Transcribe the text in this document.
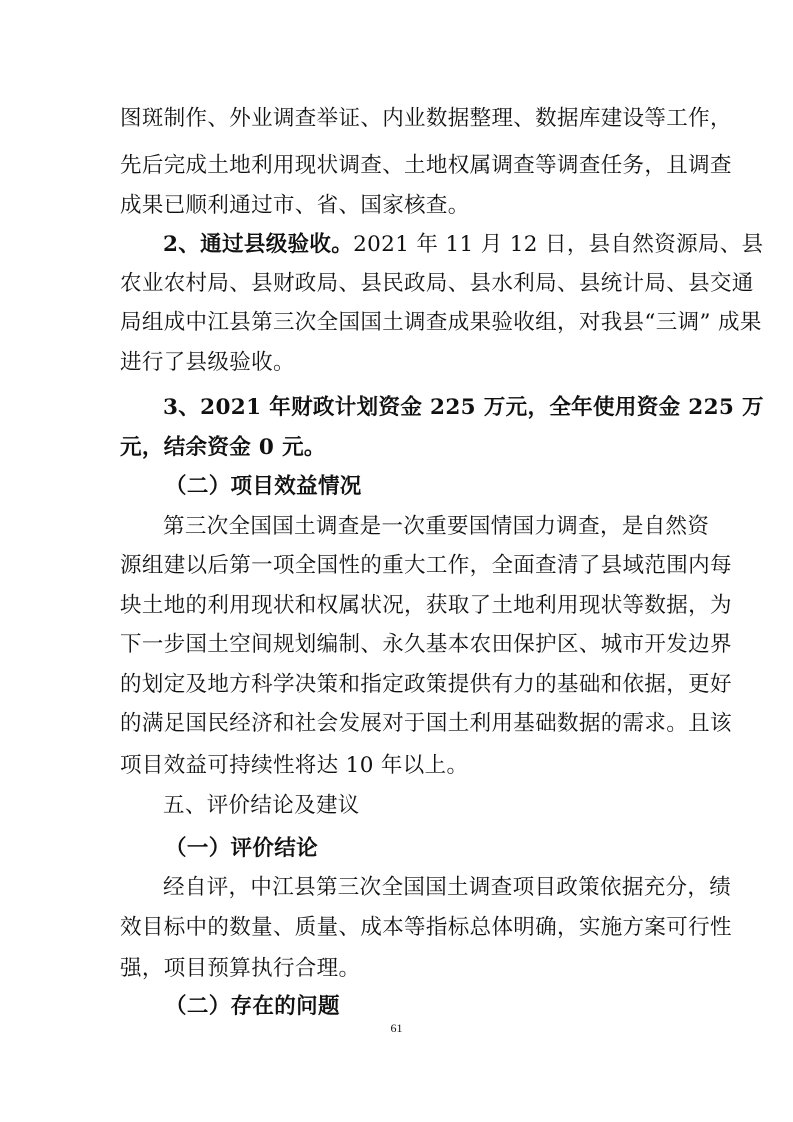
图斑制作、外业调查举证、内业数据整理、数据库建设等工作，
先后完成土地利用现状调查、土地权属调查等调查任务，且调查
成果已顺利通过市、省、国家核查。
2、通过县级验收。2021 年 11 月 12 日，县自然资源局、县
农业农村局、县财政局、县民政局、县水利局、县统计局、县交通
局组成中江县第三次全国国土调查成果验收组，对我县“三调” 成果
进行了县级验收。
3、2021 年财政计划资金 225 万元，全年使用资金 225 万
元，结余资金 0 元。
（二）项目效益情况
第三次全国国土调查是一次重要国情国力调查，是自然资
源组建以后第一项全国性的重大工作，全面查清了县域范围内每
块土地的利用现状和权属状况，获取了土地利用现状等数据，为
下一步国土空间规划编制、永久基本农田保护区、城市开发边界
的划定及地方科学决策和指定政策提供有力的基础和依据，更好
的满足国民经济和社会发展对于国土利用基础数据的需求。且该
项目效益可持续性将达 10 年以上。
五、评价结论及建议
（一）评价结论
经自评，中江县第三次全国国土调查项目政策依据充分，绩
效目标中的数量、质量、成本等指标总体明确，实施方案可行性
强，项目预算执行合理。
（二）存在的问题
61
